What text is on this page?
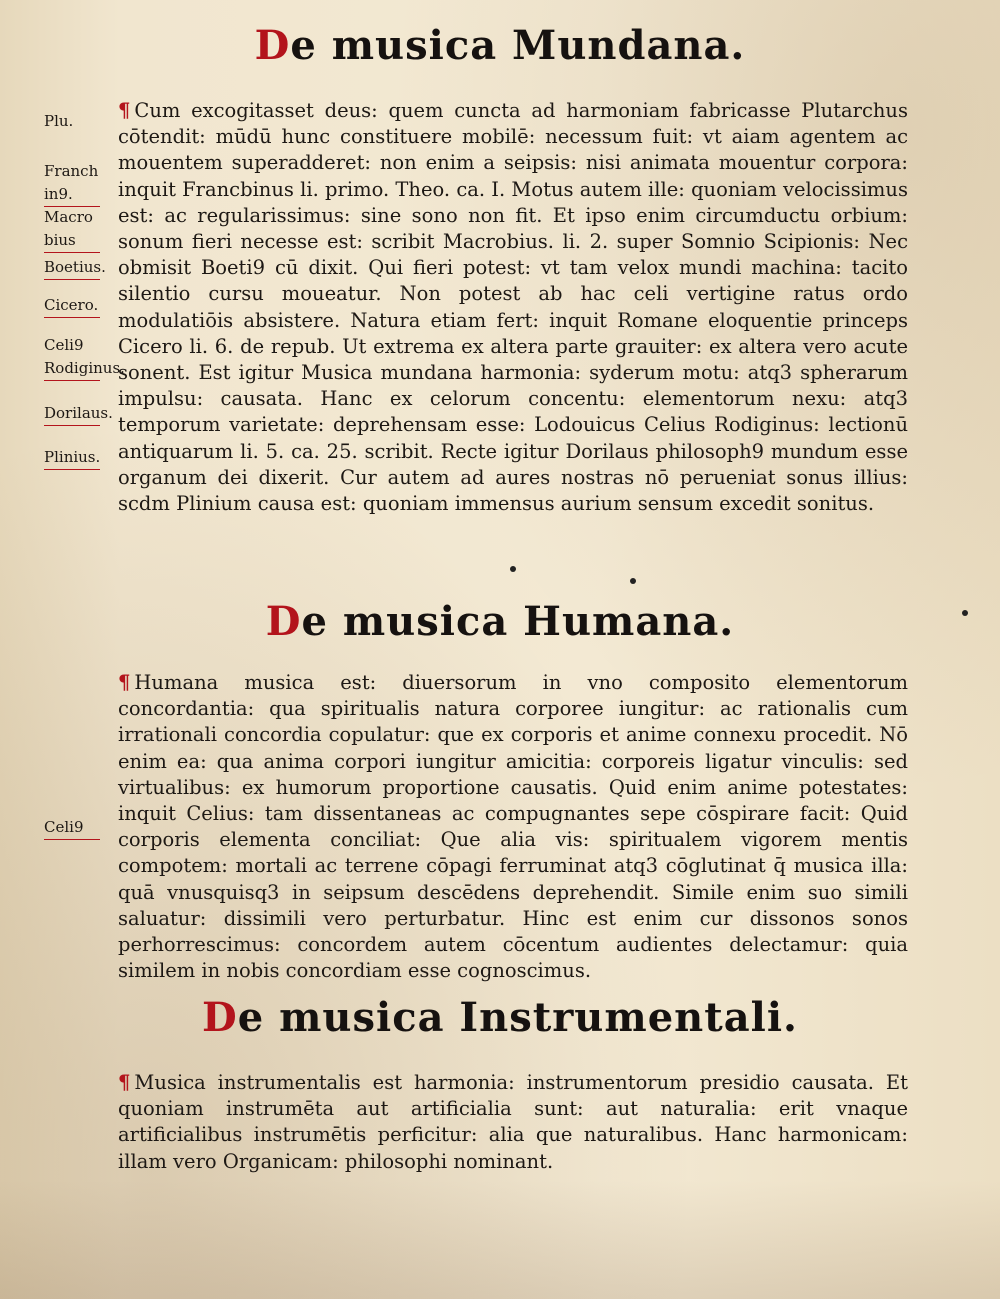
De musica Mundana.
Plu.
Franchin9.
Macrobius
Boetius.
Cicero.
Celi9 Rodiginus.
Dorilaus.
Plinius.
¶ Cum excogitasset deus: quem cuncta ad harmoniam fabricasse Plutarchus cōtendit: mūdū hunc constituere mobilē: necessum fuit: vt aiam agentem ac mouentem superadderet: non enim a seipsis: nisi animata mouentur corpora: inquit Francbinus li. primo. Theo. ca. I. Motus autem ille: quoniam velocissimus est: ac regularissimus: sine sono non fit. Et ipso enim circumductu orbium: sonum fieri necesse est: scribit Macrobius. li. 2. super Somnio Scipionis: Nec obmisit Boeti9 cū dixit. Qui fieri potest: vt tam velox mundi machina: tacito silentio cursu moueatur. Non potest ab hac celi vertigine ratus ordo modulatiōis absistere. Natura etiam fert: inquit Romane eloquentie princeps Cicero li. 6. de repub. Ut extrema ex altera parte grauiter: ex altera vero acute sonent. Est igitur Musica mundana harmonia: syderum motu: atq3 spherarum impulsu: causata. Hanc ex celorum concentu: elementorum nexu: atq3 temporum varietate: deprehensam esse: Lodouicus Celius Rodiginus: lectionū antiquarum li. 5. ca. 25. scribit. Recte igitur Dorilaus philosoph9 mundum esse organum dei dixerit. Cur autem ad aures nostras nō perueniat sonus illius: scdm Plinium causa est: quoniam immensus aurium sensum excedit sonitus.
De musica Humana.
¶ Humana musica est: diuersorum in vno composito elementorum concordantia: qua spiritualis natura corporee iungitur: ac rationalis cum irrationali concordia copulatur: que ex corporis et anime connexu procedit. Nō enim ea: qua anima corpori iungitur amicitia: corporeis ligatur vinculis: sed virtualibus: ex humorum proportione causatis. Quid enim anime potestates: inquit Celius: tam dissentaneas ac compugnantes sepe cōspirare facit: Quid corporis elementa conciliat: Que alia vis: spiritualem vigorem mentis compotem: mortali ac terrene cōpagi ferruminat atq3 cōglutinat q̄ musica illa: quā vnusquisq3 in seipsum descēdens deprehendit. Simile enim suo simili saluatur: dissimili vero perturbatur. Hinc est enim cur dissonos sonos perhorrescimus: concordem autem cōcentum audientes delectamur: quia similem in nobis concordiam esse cognoscimus.
Celi9
De musica Instrumentali.
¶ Musica instrumentalis est harmonia: instrumentorum presidio causata. Et quoniam instrumēta aut artificialia sunt: aut naturalia: erit vnaque artificialibus instrumētis perficitur: alia que naturalibus. Hanc harmonicam: illam vero Organicam: philosophi nominant.
